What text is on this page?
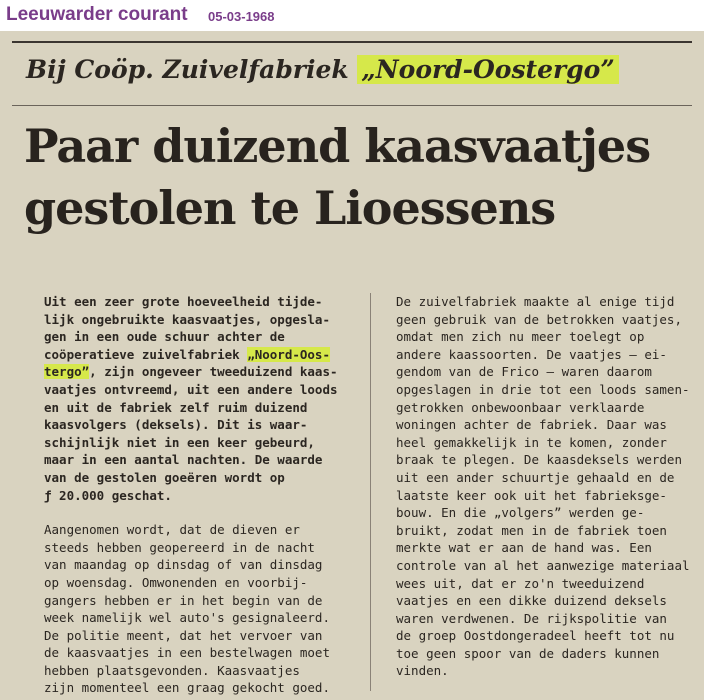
Leeuwarder courant 05-03-1968
Bij Coöp. Zuivelfabriek „Noord-Oostergo”
Paar duizend kaasvaatjes
gestolen te Lioessens
Uit een zeer grote hoeveelheid tijde-
lijk ongebruikte kaasvaatjes, opgesla-
gen in een oude schuur achter de
coöperatieve zuivelfabriek „Noord-Oos-
tergo”, zijn ongeveer tweeduizend kaas-
vaatjes ontvreemd, uit een andere loods
en uit de fabriek zelf ruim duizend
kaasvolgers (deksels). Dit is waar-
schijnlijk niet in een keer gebeurd,
maar in een aantal nachten. De waarde
van de gestolen goeëren wordt op
ƒ 20.000 geschat.
Aangenomen wordt, dat de dieven er
steeds hebben geopereerd in de nacht
van maandag op dinsdag of van dinsdag
op woensdag. Omwonenden en voorbij-
gangers hebben er in het begin van de
week namelijk wel auto's gesignaleerd.
De politie meent, dat het vervoer van
de kaasvaatjes in een bestelwagen moet
hebben plaatsgevonden. Kaasvaatjes
zijn momenteel een graag gekocht goed.
De zuivelfabriek maakte al enige tijd
geen gebruik van de betrokken vaatjes,
omdat men zich nu meer toelegt op
andere kaassoorten. De vaatjes — ei-
gendom van de Frico — waren daarom
opgeslagen in drie tot een loods samen-
getrokken onbewoonbaar verklaarde
woningen achter de fabriek. Daar was
heel gemakkelijk in te komen, zonder
braak te plegen. De kaasdeksels werden
uit een ander schuurtje gehaald en de
laatste keer ook uit het fabrieksge-
bouw. En die „volgers” werden ge-
bruikt, zodat men in de fabriek toen
merkte wat er aan de hand was. Een
controle van al het aanwezige materiaal
wees uit, dat er zo'n tweeduizend
vaatjes en een dikke duizend deksels
waren verdwenen. De rijkspolitie van
de groep Oostdongeradeel heeft tot nu
toe geen spoor van de daders kunnen
vinden.
